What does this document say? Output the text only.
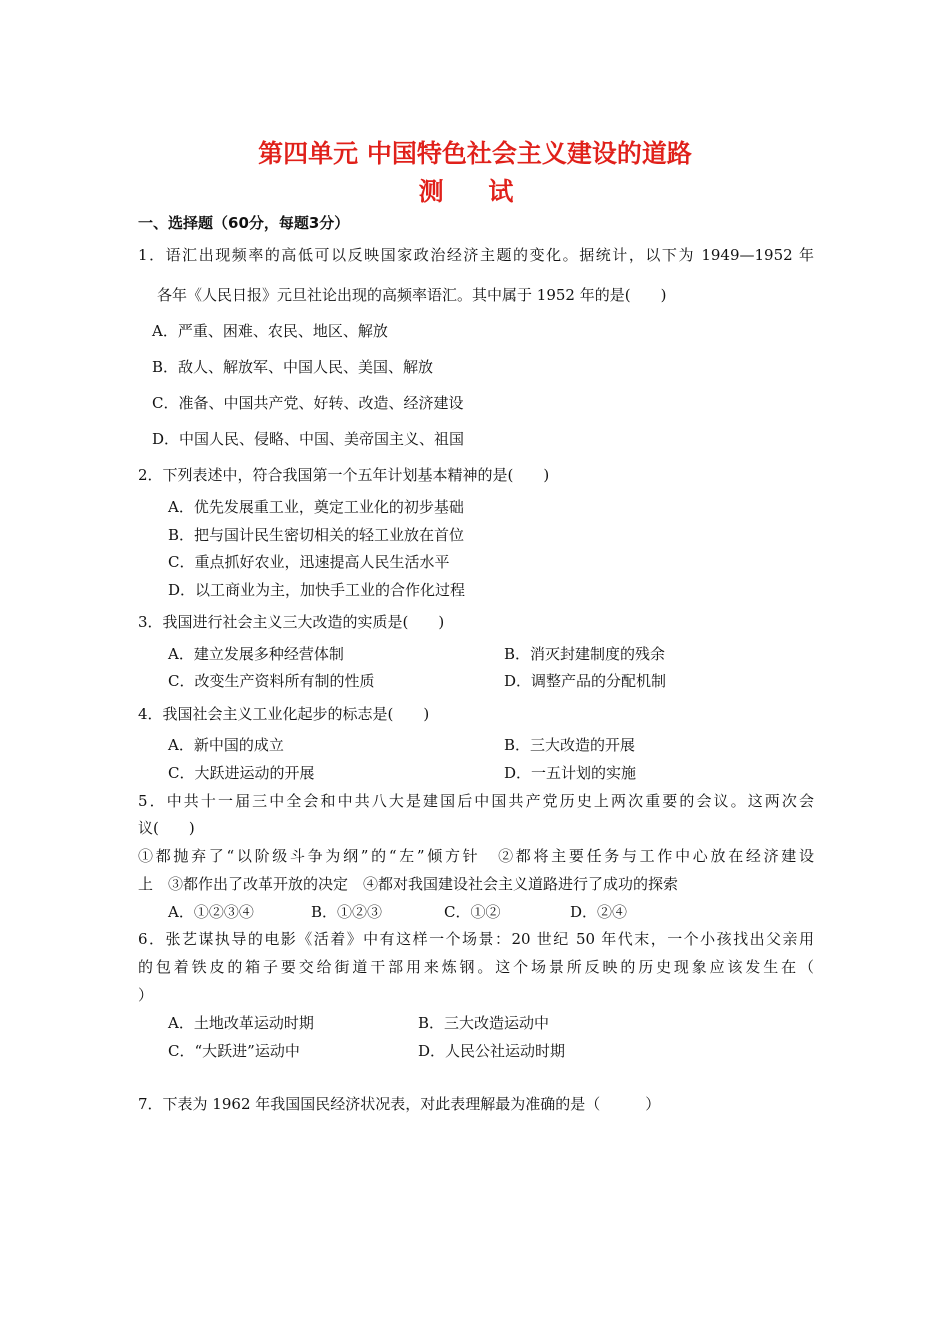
第四单元 中国特色社会主义建设的道路
测 试
一、选择题（60分，每题3分）
1．语汇出现频率的高低可以反映国家政治经济主题的变化。据统计，以下为 1949—1952 年
各年《人民日报》元旦社论出现的高频率语汇。其中属于 1952 年的是(　　)
A．严重、困难、农民、地区、解放
B．敌人、解放军、中国人民、美国、解放
C．准备、中国共产党、好转、改造、经济建设
D．中国人民、侵略、中国、美帝国主义、祖国
2．下列表述中，符合我国第一个五年计划基本精神的是(　　)
A．优先发展重工业，奠定工业化的初步基础
B．把与国计民生密切相关的轻工业放在首位
C．重点抓好农业，迅速提高人民生活水平
D．以工商业为主，加快手工业的合作化过程
3．我国进行社会主义三大改造的实质是(　　)
A．建立发展多种经营体制	B．消灭封建制度的残余
C．改变生产资料所有制的性质	D．调整产品的分配机制
4．我国社会主义工业化起步的标志是(　　)
A．新中国的成立	B．三大改造的开展
C．大跃进运动的开展	D．一五计划的实施
5．中共十一届三中全会和中共八大是建国后中国共产党历史上两次重要的会议。这两次会
议(　　)
①都抛弃了“以阶级斗争为纲”的“左”倾方针　②都将主要任务与工作中心放在经济建设
上　③都作出了改革开放的决定　④都对我国建设社会主义道路进行了成功的探索
A．①②③④	B．①②③	C．①②	D．②④
6．张艺谋执导的电影《活着》中有这样一个场景：20 世纪 50 年代末，一个小孩找出父亲用
的包着铁皮的箱子要交给街道干部用来炼钢。这个场景所反映的历史现象应该发生在（
）
A．土地改革运动时期	B．三大改造运动中
C．“大跃进”运动中	D．人民公社运动时期
7．下表为 1962 年我国国民经济状况表，对此表理解最为准确的是（　　　）
